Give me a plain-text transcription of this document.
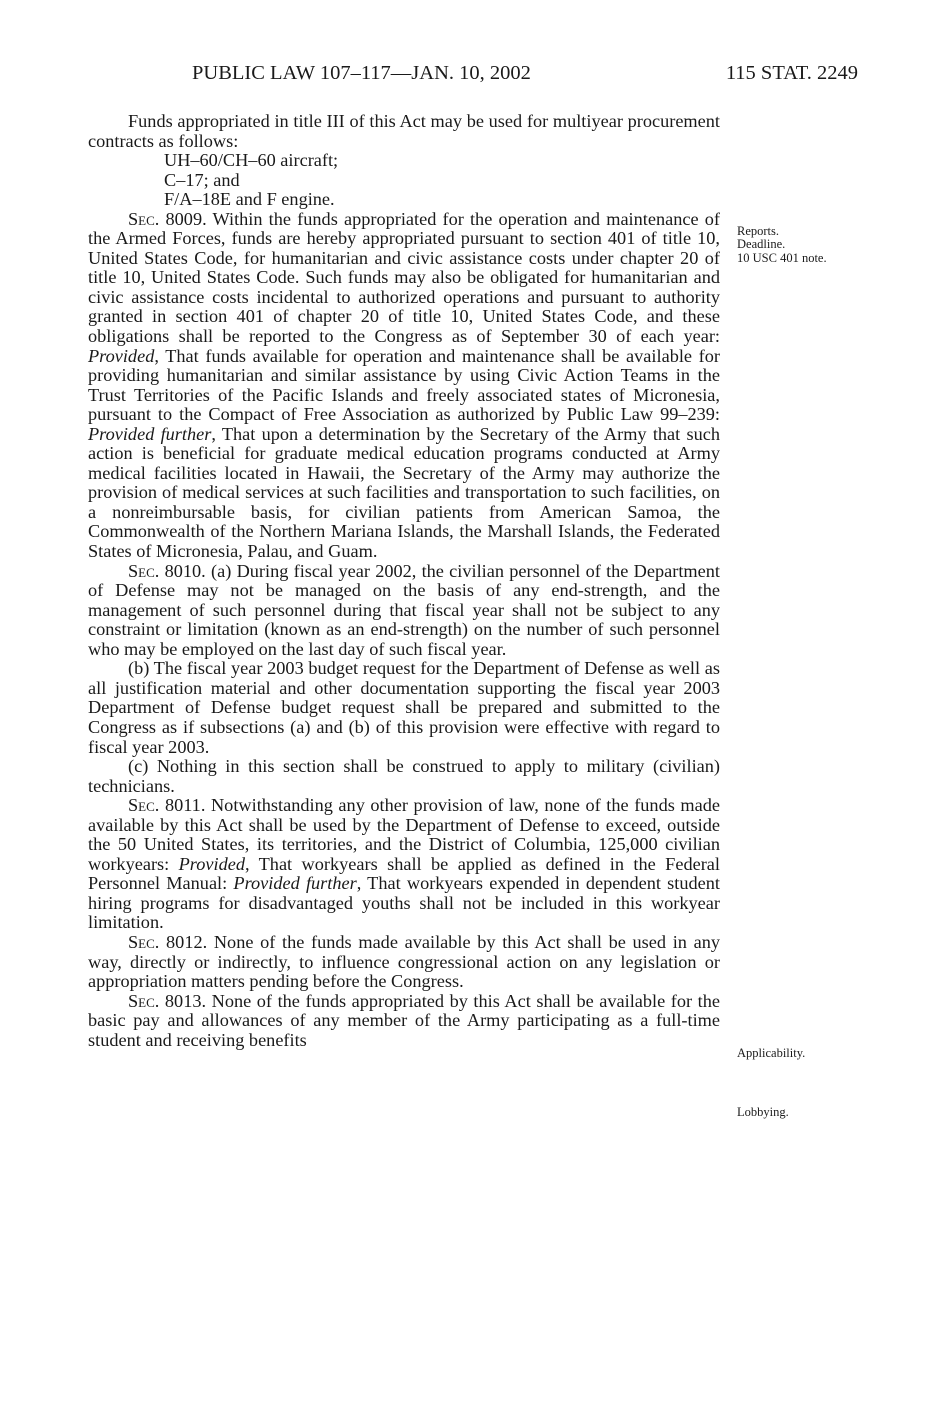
PUBLIC LAW 107–117—JAN. 10, 2002	115 STAT. 2249

Funds appropriated in title III of this Act may be used for multiyear procurement contracts as follows:

UH–60/CH–60 aircraft;

C–17; and

F/A–18E and F engine.

Sec. 8009. Within the funds appropriated for the operation and maintenance of the Armed Forces, funds are hereby appropriated pursuant to section 401 of title 10, United States Code, for humanitarian and civic assistance costs under chapter 20 of title 10, United States Code. Such funds may also be obligated for humanitarian and civic assistance costs incidental to authorized operations and pursuant to authority granted in section 401 of chapter 20 of title 10, United States Code, and these obligations shall be reported to the Congress as of September 30 of each year: Provided, That funds available for operation and maintenance shall be available for providing humanitarian and similar assistance by using Civic Action Teams in the Trust Territories of the Pacific Islands and freely associated states of Micronesia, pursuant to the Compact of Free Association as authorized by Public Law 99–239: Provided further, That upon a determination by the Secretary of the Army that such action is beneficial for graduate medical education programs conducted at Army medical facilities located in Hawaii, the Secretary of the Army may authorize the provision of medical services at such facilities and transportation to such facilities, on a nonreimbursable basis, for civilian patients from American Samoa, the Commonwealth of the Northern Mariana Islands, the Marshall Islands, the Federated States of Micronesia, Palau, and Guam.

Sec. 8010. (a) During fiscal year 2002, the civilian personnel of the Department of Defense may not be managed on the basis of any end-strength, and the management of such personnel during that fiscal year shall not be subject to any constraint or limitation (known as an end-strength) on the number of such personnel who may be employed on the last day of such fiscal year.

(b) The fiscal year 2003 budget request for the Department of Defense as well as all justification material and other documentation supporting the fiscal year 2003 Department of Defense budget request shall be prepared and submitted to the Congress as if subsections (a) and (b) of this provision were effective with regard to fiscal year 2003.

(c) Nothing in this section shall be construed to apply to military (civilian) technicians.

Sec. 8011. Notwithstanding any other provision of law, none of the funds made available by this Act shall be used by the Department of Defense to exceed, outside the 50 United States, its territories, and the District of Columbia, 125,000 civilian workyears: Provided, That workyears shall be applied as defined in the Federal Personnel Manual: Provided further, That workyears expended in dependent student hiring programs for disadvantaged youths shall not be included in this workyear limitation.

Sec. 8012. None of the funds made available by this Act shall be used in any way, directly or indirectly, to influence congressional action on any legislation or appropriation matters pending before the Congress.

Sec. 8013. None of the funds appropriated by this Act shall be available for the basic pay and allowances of any member of the Army participating as a full-time student and receiving benefits

Reports.
Deadline.
10 USC 401 note.
Applicability.
Lobbying.
